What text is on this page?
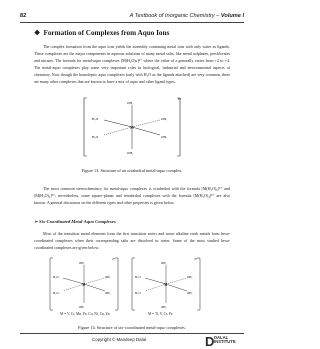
82	A Textbook of Inorganic Chemistry – Volume I
❖ Formation of Complexes from Aquo Ions

The complex formation from the aquo ions yields the assembly containing metal ions with only water as ligands. These complexes are the major components in aqueous solutions of many metal salts, like metal sulphates, perchlorates and nitrates. The formula for metal-aquo complexes [M(H₂O)ₙ]ⁿ⁺ where the value of z generally varies from +2 to +4. The metal-aquo complexes play some very important roles in biological, industrial and environmental aspects of chemistry. Now though the homoleptic aquo complexes (only with H₂O as the ligands attached) are very common, there are many other complexes that are known to have a mix of aquo and other ligand types.

z+
M
OH₂
OH₂
H₂O
H₂O
OH₂
OH₂
Figure 13. Structure of an octahedral metal-aquo complex.

The most common stereochemistry for metal-aquo complexes is octahedral with the formula [M(H₂O)₆]²⁺ and [M(H₂O)₆]³⁺; nevertheless, some square-planar and tetrahedral complexes with the formula [M(H₂O)₄]²⁺ are also known. A general discussion on the different types and other properties is given below.

➢ Six-Coordinated Metal-Aquo Complexes

Most of the transition metal elements from the first transition series and some alkaline earth metals form hexa-coordinated complexes when their corresponding salts are dissolved in water. Some of the most studied hexa-coordinated complexes are given below.

2+
M
OH₂
OH₂
H₂O
H₂O
OH₂
OH₂
3+
M
OH₂
OH₂
H₂O
H₂O
OH₂
OH₂
M = V, Cr, Mn, Fe, Co, Ni, Cu, Zn	M = Ti, V, Cr, Fe
Figure 14. Structure of six-coordinated metal-aquo complexes.
Copyright © Mandeep Dalal	D DALAL
INSTITUTE
